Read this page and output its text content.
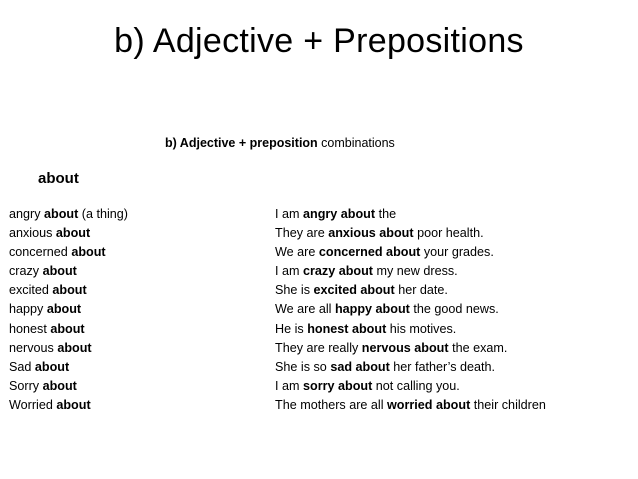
b) Adjective + Prepositions
b) Adjective + preposition combinations
about
angry about (a thing)
anxious about
concerned about
crazy about
excited about
happy about
honest about
nervous about
Sad about
Sorry about
Worried about
I am angry about the
They are anxious about poor health.
We are concerned about your grades.
I am crazy about my new dress.
She is excited about her date.
We are all happy about the good news.
He is honest about his motives.
They are really nervous about the exam.
She is so sad about her father’s death.
I am sorry about not calling you.
The mothers are all worried about their children
